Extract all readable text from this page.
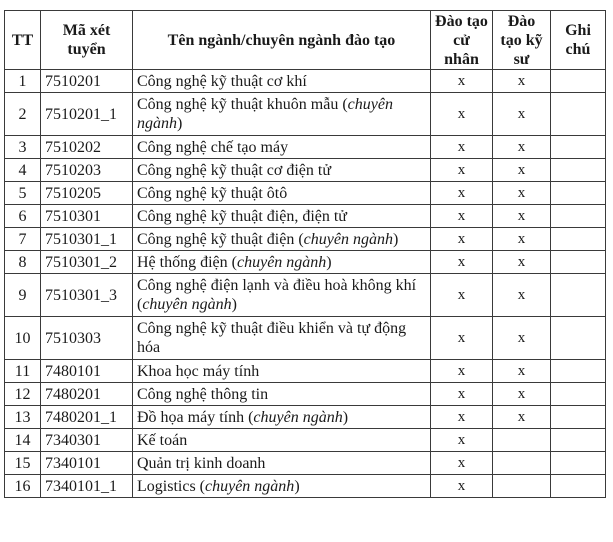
TT	Mã xét tuyển	Tên ngành/chuyên ngành đào tạo	Đào tạo cử nhân	Đào tạo kỹ sư	Ghi chú
1	7510201	Công nghệ kỹ thuật cơ khí	x	x	
2	7510201_1	Công nghệ kỹ thuật khuôn mẫu (chuyên ngành)	x	x	
3	7510202	Công nghệ chế tạo máy	x	x	
4	7510203	Công nghệ kỹ thuật cơ điện tử	x	x	
5	7510205	Công nghệ kỹ thuật ôtô	x	x	
6	7510301	Công nghệ kỹ thuật điện, điện tử	x	x	
7	7510301_1	Công nghệ kỹ thuật điện (chuyên ngành)	x	x	
8	7510301_2	Hệ thống điện (chuyên ngành)	x	x	
9	7510301_3	Công nghệ điện lạnh và điều hoà không khí (chuyên ngành)	x	x	
10	7510303	Công nghệ kỹ thuật điều khiển và tự động hóa	x	x	
11	7480101	Khoa học máy tính	x	x	
12	7480201	Công nghệ thông tin	x	x	
13	7480201_1	Đồ họa máy tính (chuyên ngành)	x	x	
14	7340301	Kế toán	x		
15	7340101	Quản trị kinh doanh	x		
16	7340101_1	Logistics (chuyên ngành)	x		
